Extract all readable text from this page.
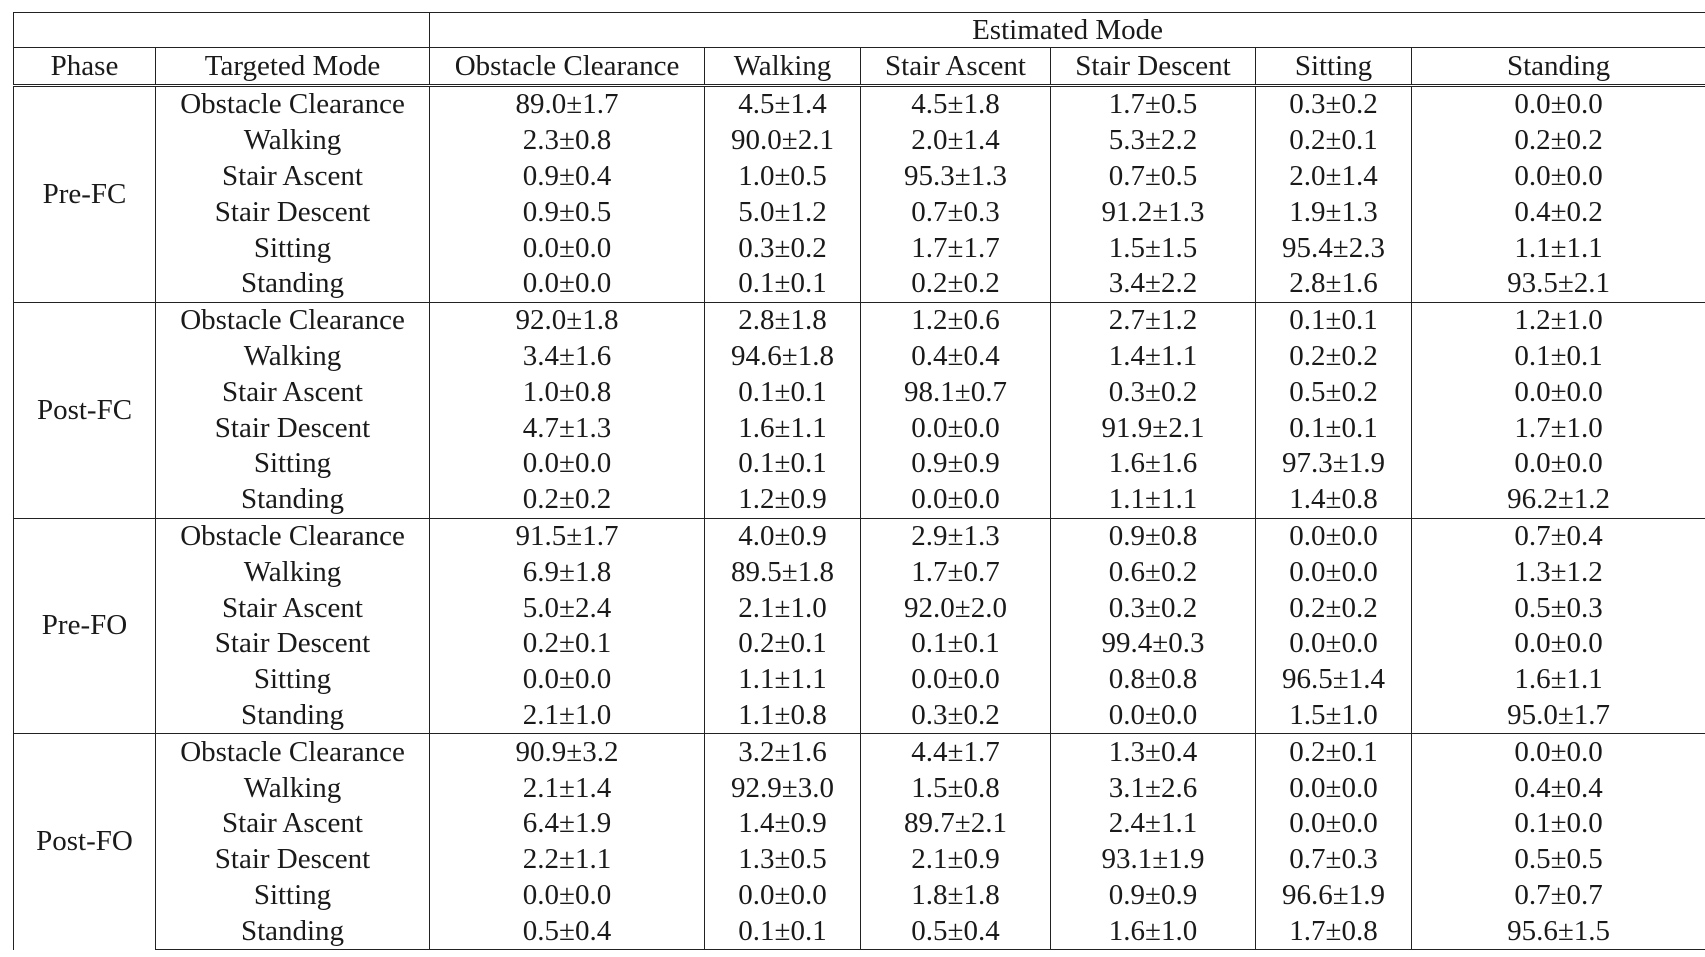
		Estimated Mode					
Phase	Targeted Mode	Obstacle Clearance	Walking	Stair Ascent	Stair Descent	Sitting	Standing
Pre-FC	Obstacle Clearance	89.0±1.7	4.5±1.4	4.5±1.8	1.7±0.5	0.3±0.2	0.0±0.0
	Walking	2.3±0.8	90.0±2.1	2.0±1.4	5.3±2.2	0.2±0.1	0.2±0.2
	Stair Ascent	0.9±0.4	1.0±0.5	95.3±1.3	0.7±0.5	2.0±1.4	0.0±0.0
	Stair Descent	0.9±0.5	5.0±1.2	0.7±0.3	91.2±1.3	1.9±1.3	0.4±0.2
	Sitting	0.0±0.0	0.3±0.2	1.7±1.7	1.5±1.5	95.4±2.3	1.1±1.1
	Standing	0.0±0.0	0.1±0.1	0.2±0.2	3.4±2.2	2.8±1.6	93.5±2.1
Post-FC	Obstacle Clearance	92.0±1.8	2.8±1.8	1.2±0.6	2.7±1.2	0.1±0.1	1.2±1.0
	Walking	3.4±1.6	94.6±1.8	0.4±0.4	1.4±1.1	0.2±0.2	0.1±0.1
	Stair Ascent	1.0±0.8	0.1±0.1	98.1±0.7	0.3±0.2	0.5±0.2	0.0±0.0
	Stair Descent	4.7±1.3	1.6±1.1	0.0±0.0	91.9±2.1	0.1±0.1	1.7±1.0
	Sitting	0.0±0.0	0.1±0.1	0.9±0.9	1.6±1.6	97.3±1.9	0.0±0.0
	Standing	0.2±0.2	1.2±0.9	0.0±0.0	1.1±1.1	1.4±0.8	96.2±1.2
Pre-FO	Obstacle Clearance	91.5±1.7	4.0±0.9	2.9±1.3	0.9±0.8	0.0±0.0	0.7±0.4
	Walking	6.9±1.8	89.5±1.8	1.7±0.7	0.6±0.2	0.0±0.0	1.3±1.2
	Stair Ascent	5.0±2.4	2.1±1.0	92.0±2.0	0.3±0.2	0.2±0.2	0.5±0.3
	Stair Descent	0.2±0.1	0.2±0.1	0.1±0.1	99.4±0.3	0.0±0.0	0.0±0.0
	Sitting	0.0±0.0	1.1±1.1	0.0±0.0	0.8±0.8	96.5±1.4	1.6±1.1
	Standing	2.1±1.0	1.1±0.8	0.3±0.2	0.0±0.0	1.5±1.0	95.0±1.7
Post-FO	Obstacle Clearance	90.9±3.2	3.2±1.6	4.4±1.7	1.3±0.4	0.2±0.1	0.0±0.0
	Walking	2.1±1.4	92.9±3.0	1.5±0.8	3.1±2.6	0.0±0.0	0.4±0.4
	Stair Ascent	6.4±1.9	1.4±0.9	89.7±2.1	2.4±1.1	0.0±0.0	0.1±0.0
	Stair Descent	2.2±1.1	1.3±0.5	2.1±0.9	93.1±1.9	0.7±0.3	0.5±0.5
	Sitting	0.0±0.0	0.0±0.0	1.8±1.8	0.9±0.9	96.6±1.9	0.7±0.7
	Standing	0.5±0.4	0.1±0.1	0.5±0.4	1.6±1.0	1.7±0.8	95.6±1.5
